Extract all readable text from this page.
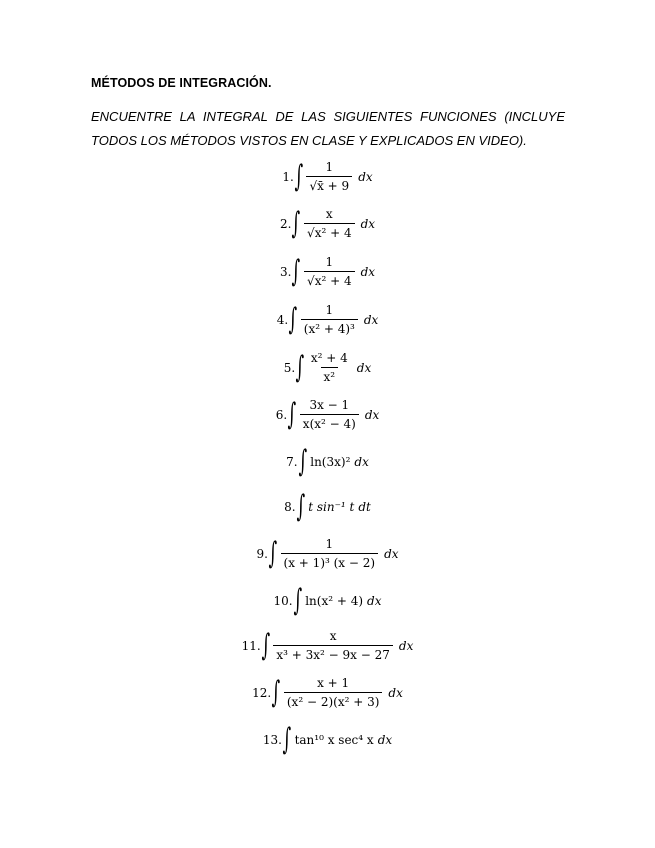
MÉTODOS DE INTEGRACIÓN.
ENCUENTRE LA INTEGRAL DE LAS SIGUIENTES FUNCIONES (INCLUYE TODOS LOS MÉTODOS VISTOS EN CLASE Y EXPLICADOS EN VIDEO).
1. ∫ $\frac{1}{√x̄ + 9}$ dx
2. ∫ $\frac{x}{\text{√x² + 4}}$ dx
3. ∫ $\frac{1}{\text{√x² + 4}}$ dx
4. ∫ $\frac{1}{\text{(x² + 4)³}}$ dx
5. ∫ $\frac{\text{x² + 4}}{\text{x²}}$ dx
6. ∫ $\frac{3x - 1}{\text{x(x² − 4)}}$ dx
7. ∫ ln(3x)² dx
8. ∫ t sin⁻¹ t dt
9. ∫ $\frac{1}{\text{(x + 1)³ (x − 2)}}$ dx
10. ∫ ln(x² + 4) dx
11. ∫ $\frac{x}{\text{x³ + 3x² − 9x − 27}}$ dx
12. ∫ $\frac{x + 1}{\text{(x² − 2)(x² + 3)}}$ dx
13. ∫ tan¹⁰ x sec⁴ x dx
